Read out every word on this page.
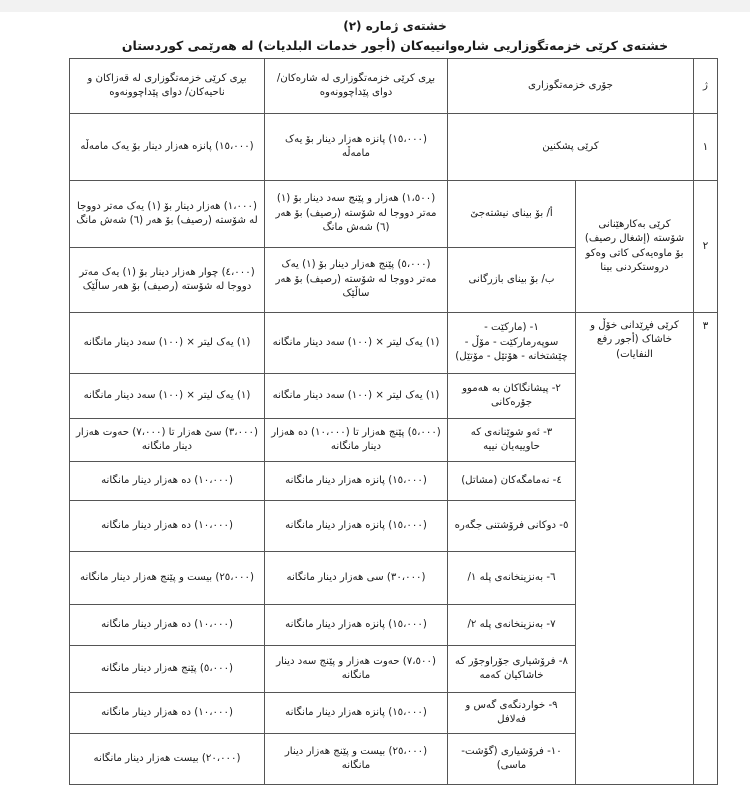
خشتەی ژمارە (٢)
خشتەی کرێی خزمەتگوزاریی شارەوانییەکان (أجور خدمات البلديات) لە هەرێمی کوردستان
ژ	جۆری خزمەتگوزاری		بڕی کرێی خزمەتگوزاری لە شارەکان/ دوای پێداچوونەوە	بڕی کرێی خزمەتگوزاری لە قەزاکان و ناحیەکان/ دوای پێداچوونەوە
١	کرێی پشکنین		(١٥،٠٠٠) پانزە هەزار دینار بۆ یەک مامەڵە	(١٥،٠٠٠) پانزە هەزار دینار بۆ یەک مامەڵە
٢	کرێی بەکارهێنانی شۆستە (إشغال رصيف) بۆ ماوەیەکی کاتی وەکو دروستکردنی بینا	أ/ بۆ بینای نیشتەجێ	(١،٥٠٠) هەزار و پێنج سەد دینار بۆ (١) مەتر دووجا لە شۆستە (رصيف) بۆ هەر (٦) شەش مانگ	(١،٠٠٠) هەزار دینار بۆ (١) یەک مەتر دووجا لە شۆستە (رصيف) بۆ هەر (٦) شەش مانگ
		ب/ بۆ بینای بازرگانی	(٥،٠٠٠) پێنج هەزار دینار بۆ (١) یەک مەتر دووجا لە شۆستە (رصيف) بۆ هەر ساڵێک	(٤،٠٠٠) چوار هەزار دینار بۆ (١) یەک مەتر دووجا لە شۆستە (رصيف) بۆ هەر ساڵێک
٣	کرێی فڕێدانی خۆڵ و خاشاک (أجور رفع النفايات)	١- (مارکێت - سوپەرمارکێت - مۆڵ - چێشتخانە - هۆتێل - مۆتێل)	(١) یەک لیتر × (١٠٠) سەد دینار مانگانە	(١) یەک لیتر × (١٠٠) سەد دینار مانگانە
		٢- پیشانگاکان بە هەموو جۆرەکانی	(١) یەک لیتر × (١٠٠) سەد دینار مانگانە	(١) یەک لیتر × (١٠٠) سەد دینار مانگانە
		٣- ئەو شوێنانەی کە حاوییەیان نییە	(٥،٠٠٠) پێنج هەزار تا (١٠،٠٠٠) دە هەزار دینار مانگانە	(٣،٠٠٠) سێ هەزار تا (٧،٠٠٠) حەوت هەزار دینار مانگانە
		٤- نەمامگەکان (مشاتل)	(١٥،٠٠٠) پانزە هەزار دینار مانگانە	(١٠،٠٠٠) دە هەزار دینار مانگانە
		٥- دوکانی فرۆشتنی جگەرە	(١٥،٠٠٠) پانزە هەزار دینار مانگانە	(١٠،٠٠٠) دە هەزار دینار مانگانە
		٦- بەنزینخانەی پلە ١/	(٣٠،٠٠٠) سی هەزار دینار مانگانە	(٢٥،٠٠٠) بیست و پێنج هەزار دینار مانگانە
		٧- بەنزینخانەی پلە ٢/	(١٥،٠٠٠) پانزە هەزار دینار مانگانە	(١٠،٠٠٠) دە هەزار دینار مانگانە
		٨- فرۆشیاری جۆراوجۆر کە خاشاکیان کەمە	(٧،٥٠٠) حەوت هەزار و پێنج سەد دینار مانگانە	(٥،٠٠٠) پێنج هەزار دینار مانگانە
		٩- خواردنگەی گەس و فەلافل	(١٥،٠٠٠) پانزە هەزار دینار مانگانە	(١٠،٠٠٠) دە هەزار دینار مانگانە
		١٠- فرۆشیاری (گۆشت- ماسی)	(٢٥،٠٠٠) بیست و پێنج هەزار دینار مانگانە	(٢٠،٠٠٠) بیست هەزار دینار مانگانە
